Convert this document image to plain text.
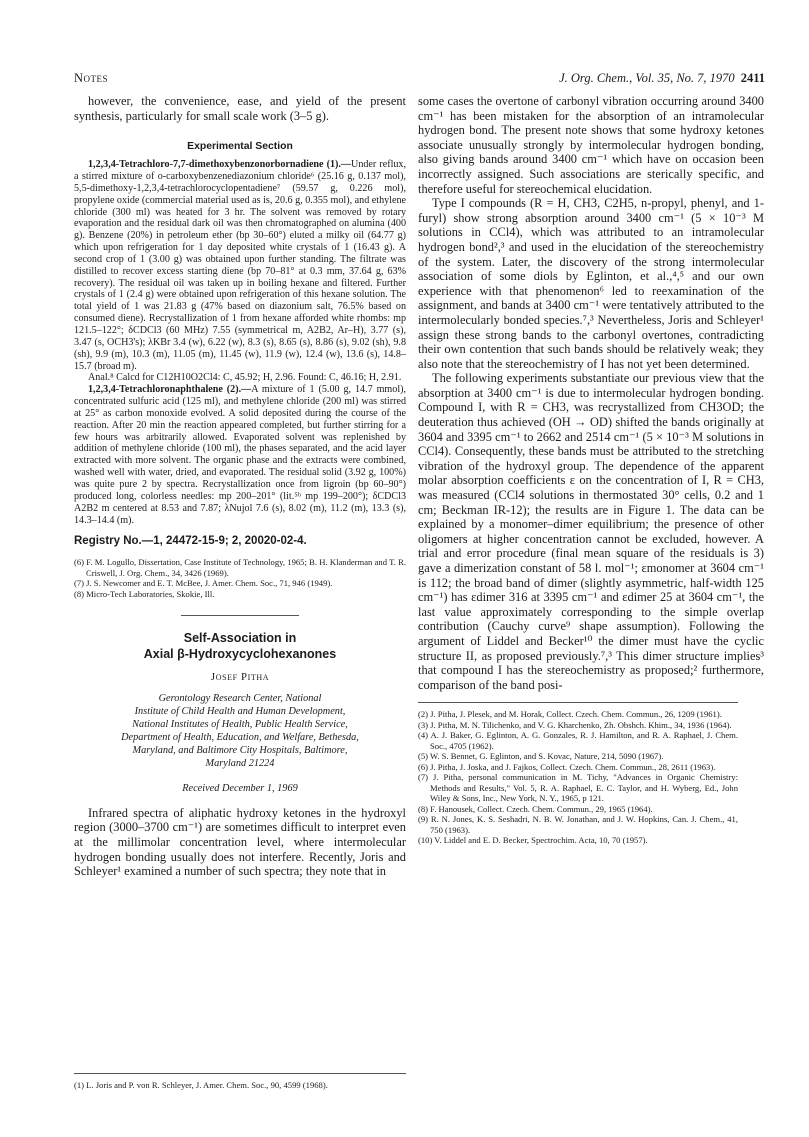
Notes	J. Org. Chem., Vol. 35, No. 7, 1970 2411

however, the convenience, ease, and yield of the present synthesis, particularly for small scale work (3–5 g).

Experimental Section

1,2,3,4-Tetrachloro-7,7-dimethoxybenzonorbornadiene (1).—Under reflux, a stirred mixture of o-carboxybenzenediazonium chloride⁶ (25.16 g, 0.137 mol), 5,5-dimethoxy-1,2,3,4-tetrachlorocyclopentadiene⁷ (59.57 g, 0.226 mol), propylene oxide (commercial material used as is, 20.6 g, 0.355 mol), and ethylene chloride (300 ml) was heated for 3 hr. The solvent was removed by rotary evaporation and the residual dark oil was then chromatographed on alumina (400 g). Benzene (20%) in petroleum ether (bp 30–60°) eluted a milky oil (64.77 g) which upon refrigeration for 1 day deposited white crystals of 1 (16.43 g). A second crop of 1 (3.00 g) was obtained upon further standing. The filtrate was distilled to recover excess starting diene (bp 70–81° at 0.3 mm, 37.64 g, 63% recovery). The residual oil was taken up in boiling hexane and filtered. Further crystals of 1 (2.4 g) were obtained upon refrigeration of this hexane solution. The total yield of 1 was 21.83 g (47% based on diazonium salt, 76.5% based on consumed diene). Recrystallization of 1 from hexane afforded white rhombs: mp 121.5–122°; δCDCl3 (60 MHz) 7.55 (symmetrical m, A2B2, Ar–H), 3.77 (s), 3.47 (s, OCH3's); λKBr 3.4 (w), 6.22 (w), 8.3 (s), 8.65 (s), 8.86 (s), 9.02 (sh), 9.8 (sh), 9.9 (m), 10.3 (m), 11.05 (m), 11.45 (w), 11.9 (w), 12.4 (w), 13.6 (s), 14.8–15.7 (broad m).

Anal.⁸ Calcd for C12H10O2Cl4: C, 45.92; H, 2.96. Found: C, 46.16; H, 2.91.

1,2,3,4-Tetrachloronaphthalene (2).—A mixture of 1 (5.00 g, 14.7 mmol), concentrated sulfuric acid (125 ml), and methylene chloride (200 ml) was stirred at 25° as carbon monoxide evolved. A solid deposited during the course of the reaction. After 20 min the reaction appeared completed, but further stirring for a few hours was arbitrarily allowed. Evaporated solvent was replenished by addition of methylene chloride (100 ml), the phases separated, and the acid layer extracted with more solvent. The organic phase and the extracts were combined, washed well with water, dried, and evaporated. The residual solid (3.92 g, 100%) was quite pure 2 by spectra. Recrystallization once from ligroin (bp 60–90°) produced long, colorless needles: mp 200–201° (lit.⁵ᵇ mp 199–200°); δCDCl3 A2B2 m centered at 8.53 and 7.87; λNujol 7.6 (s), 8.02 (m), 11.2 (m), 13.3 (s), 14.3–14.4 (m).

Registry No.—1, 24472-15-9; 2, 20020-02-4.
(6) F. M. Logullo, Dissertation, Case Institute of Technology, 1965; B. H. Klanderman and T. R. Criswell, J. Org. Chem., 34, 3426 (1969).
(7) J. S. Newcomer and E. T. McBee, J. Amer. Chem. Soc., 71, 946 (1949).
(8) Micro-Tech Laboratories, Skokie, Ill.
Self-Association in
Axial β-Hydroxycyclohexanones
Josef Pitha
Gerontology Research Center, National
Institute of Child Health and Human Development,
National Institutes of Health, Public Health Service,
Department of Health, Education, and Welfare, Bethesda,
Maryland, and Baltimore City Hospitals, Baltimore,
Maryland 21224
Received December 1, 1969

Infrared spectra of aliphatic hydroxy ketones in the hydroxyl region (3000–3700 cm⁻¹) are sometimes difficult to interpret even at the millimolar concentration level, where intermolecular hydrogen bonding usually does not interfere. Recently, Joris and Schleyer¹ examined a number of such spectra; they note that in

(1) L. Joris and P. von R. Schleyer, J. Amer. Chem. Soc., 90, 4599 (1968).

some cases the overtone of carbonyl vibration occurring around 3400 cm⁻¹ has been mistaken for the absorption of an intramolecular hydrogen bond. The present note shows that some hydroxy ketones associate unusually strongly by intermolecular hydrogen bonding, also giving bands around 3400 cm⁻¹ which have on occasion been incorrectly assigned. Such associations are sterically specific, and therefore useful for stereochemical elucidation.

Type I compounds (R = H, CH3, C2H5, n-propyl, phenyl, and 1-furyl) show strong absorption around 3400 cm⁻¹ (5 × 10⁻³ M solutions in CCl4), which was attributed to an intramolecular hydrogen bond²,³ and used in the elucidation of the stereochemistry of the system. Later, the discovery of the strong intermolecular association of some diols by Eglinton, et al.,⁴,⁵ and our own experience with that phenomenon⁶ led to reexamination of the assignment, and bands at 3400 cm⁻¹ were tentatively attributed to the intermolecularly bonded species.⁷,³ Nevertheless, Joris and Schleyer¹ assign these strong bands to the carbonyl overtones, contradicting their own contention that such bands should be relatively weak; they also note that the stereochemistry of I has not yet been determined.

The following experiments substantiate our previous view that the absorption at 3400 cm⁻¹ is due to intermolecular hydrogen bonding. Compound I, with R = CH3, was recrystallized from CH3OD; the deuteration thus achieved (OH → OD) shifted the bands originally at 3604 and 3395 cm⁻¹ to 2662 and 2514 cm⁻¹ (5 × 10⁻³ M solutions in CCl4). Consequently, these bands must be attributed to the stretching vibration of the hydroxyl group. The dependence of the apparent molar absorption coefficients ε on the concentration of I, R = CH3, was measured (CCl4 solutions in thermostated 30° cells, 0.2 and 1 cm; Beckman IR-12); the results are in Figure 1. The data can be explained by a monomer–dimer equilibrium; the presence of other oligomers at higher concentration cannot be excluded, however. A trial and error procedure (final mean square of the residuals is 3) gave a dimerization constant of 58 l. mol⁻¹; εmonomer at 3604 cm⁻¹ is 112; the broad band of dimer (slightly asymmetric, half-width 125 cm⁻¹) has εdimer 316 at 3395 cm⁻¹ and εdimer 25 at 3604 cm⁻¹, the last value approximately corresponding to the simple overlap contribution (Cauchy curve⁹ shape assumption). Following the argument of Liddel and Becker¹⁰ the dimer must have the cyclic structure II, as proposed previously.⁷,³ This dimer structure implies³ that compound I has the stereochemistry as proposed;² furthermore, comparison of the band posi-

(2) J. Pitha, J. Plesek, and M. Horak, Collect. Czech. Chem. Commun., 26, 1209 (1961).
(3) J. Pitha, M. N. Tilichenko, and V. G. Kharchenko, Zh. Obshch. Khim., 34, 1936 (1964).
(4) A. J. Baker, G. Eglinton, A. G. Gonzales, R. J. Hamilton, and R. A. Raphael, J. Chem. Soc., 4705 (1962).
(5) W. S. Bennet, G. Eglinton, and S. Kovac, Nature, 214, 5090 (1967).
(6) J. Pitha, J. Joska, and J. Fajkos, Collect. Czech. Chem. Commun., 28, 2611 (1963).
(7) J. Pitha, personal communication in M. Tichy, "Advances in Organic Chemistry: Methods and Results," Vol. 5, R. A. Raphael, E. C. Taylor, and H. Wyberg, Ed., John Wiley & Sons, Inc., New York, N. Y., 1965, p 121.
(8) F. Hanousek, Collect. Czech. Chem. Commun., 29, 1965 (1964).
(9) R. N. Jones, K. S. Seshadri, N. B. W. Jonathan, and J. W. Hopkins, Can. J. Chem., 41, 750 (1963).
(10) V. Liddel and E. D. Becker, Spectrochim. Acta, 10, 70 (1957).
